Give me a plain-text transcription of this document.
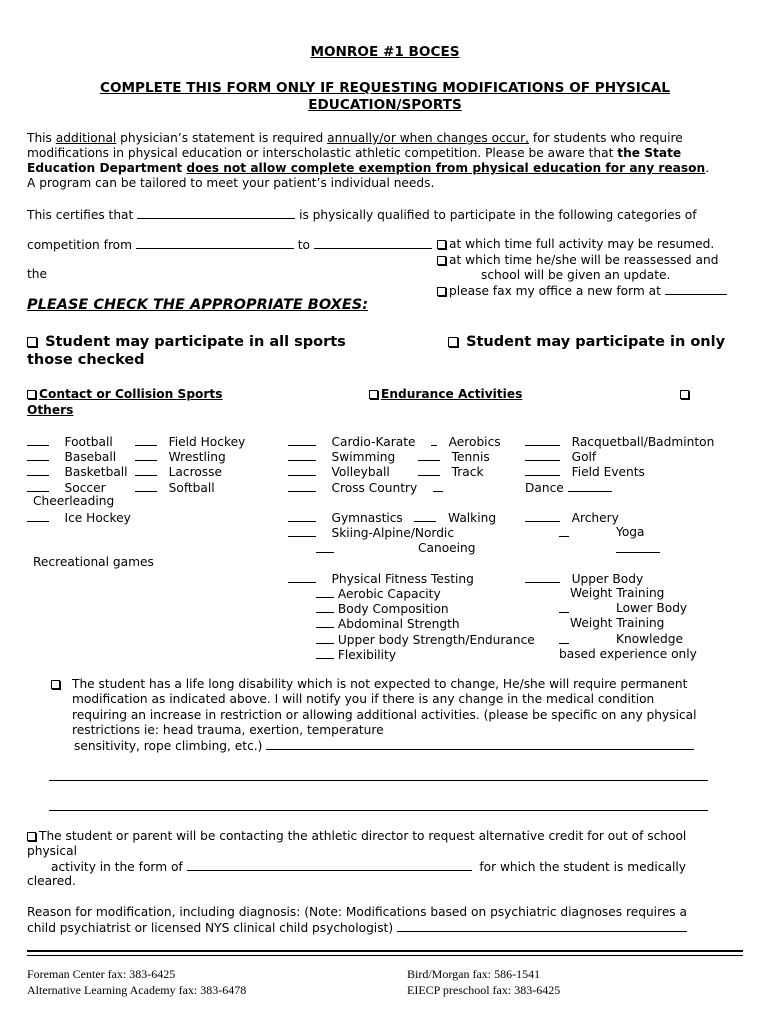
MONROE #1 BOCES
COMPLETE THIS FORM ONLY IF REQUESTING MODIFICATIONS OF PHYSICAL
EDUCATION/SPORTS
This additional physician’s statement is required annually/or when changes occur, for students who require
modifications in physical education or interscholastic athletic competition. Please be aware that the State
Education Department does not allow complete exemption from physical education for any reason.
A program can be tailored to meet your patient’s individual needs.
This certifies that	is physically qualified to participate in the following categories of
competition from	to	at which time full activity may be resumed.
at which time he/she will be reassessed and
the	school will be given an update.
please fax my office a new form at
PLEASE CHECK THE APPROPRIATE BOXES:
Student may participate in all sports
those checked
Student may participate in only
Contact or Collision Sports	Endurance Activities
Others
Football	Field Hockey
Baseball	Wrestling
Basketball	Lacrosse
Soccer	Softball
Cheerleading
Ice Hockey
Recreational games
Cardio-Karate	Aerobics
Swimming	Tennis
Volleyball	Track
Cross Country
Gymnastics	Walking
Skiing-Alpine/Nordic
Canoeing
Physical Fitness Testing
Aerobic Capacity
Body Composition
Abdominal Strength
Upper body Strength/Endurance
Flexibility
Racquetball/Badminton
Golf
Field Events
Dance
Archery
Yoga
Upper Body
Weight Training
Lower Body
Weight Training
Knowledge
based experience only
The student has a life long disability which is not expected to change, He/she will require permanent
modification as indicated above. I will notify you if there is any change in the medical condition
requiring an increase in restriction or allowing additional activities. (please be specific on any physical
restrictions ie: head trauma, exertion, temperature
sensitivity, rope climbing, etc.)
The student or parent will be contacting the athletic director to request alternative credit for out of school
physical
activity in the form of	for which the student is medically
cleared.
Reason for modification, including diagnosis: (Note: Modifications based on psychiatric diagnoses requires a
child psychiatrist or licensed NYS clinical child psychologist)
Foreman Center fax: 383-6425
Alternative Learning Academy fax: 383-6478
Bird/Morgan fax: 586-1541
EIECP preschool fax: 383-6425
